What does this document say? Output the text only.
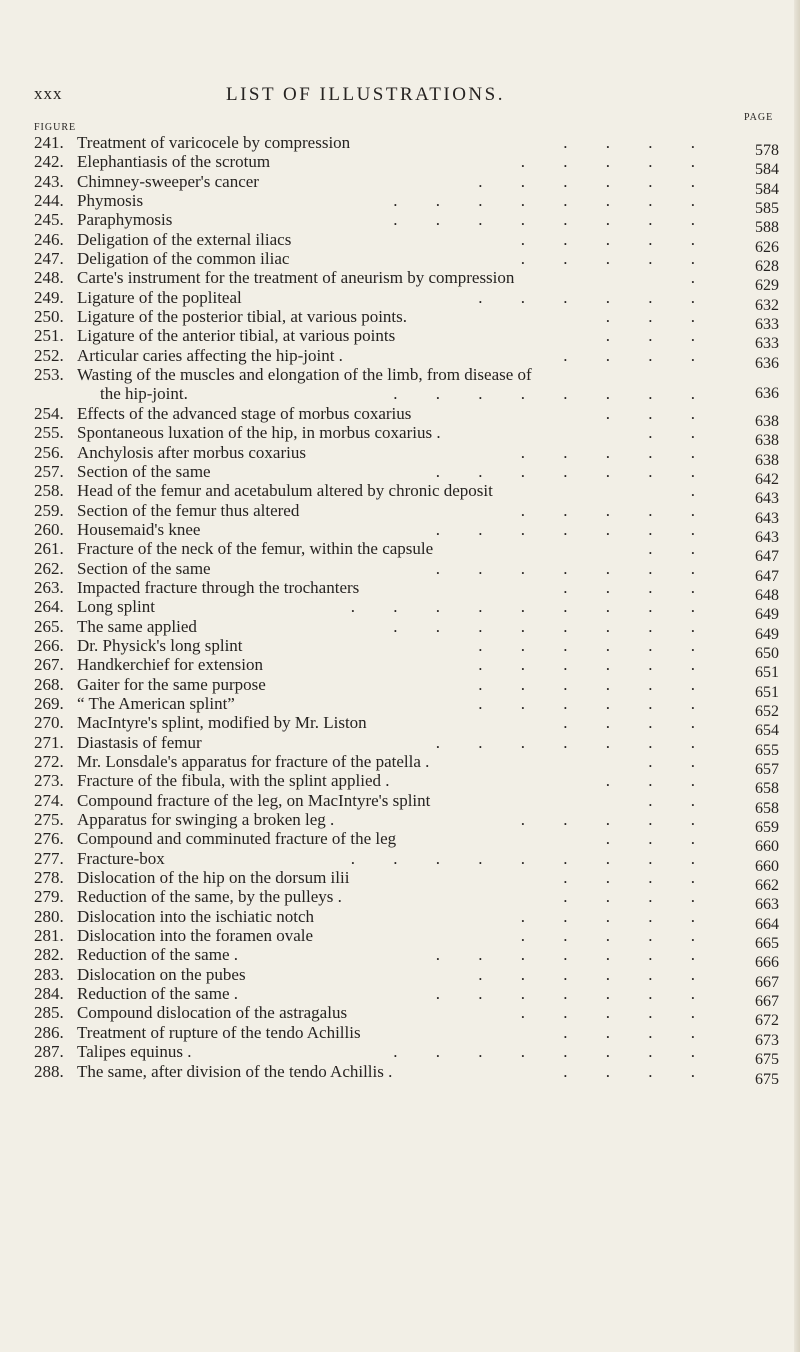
xxx	LIST OF ILLUSTRATIONS.
PAGE
FIGURE
241. Treatment of varicocele by compression	. . . .	578
242. Elephantiasis of the scrotum	. . . . .	584
243. Chimney-sweeper's cancer	. . . . . .	584
244. Phymosis	. . . . . . . .	585
245. Paraphymosis	. . . . . . . .	588
246. Deligation of the external iliacs	. . . . .	626
247. Deligation of the common iliac	. . . . .	628
248. Carte's instrument for the treatment of aneurism by compression	.	629
249. Ligature of the popliteal	. . . . . .	632
250. Ligature of the posterior tibial, at various points.	. . .	633
251. Ligature of the anterior tibial, at various points	. . .	633
252. Articular caries affecting the hip-joint .	. . . .	636
253. Wasting of the muscles and elongation of the limb, from disease of
the hip-joint.	. . . . . . . .	636
254. Effects of the advanced stage of morbus coxarius	. . .	638
255. Spontaneous luxation of the hip, in morbus coxarius .	. .	638
256. Anchylosis after morbus coxarius	. . . . .	638
257. Section of the same	. . . . . . .	642
258. Head of the femur and acetabulum altered by chronic deposit	.	643
259. Section of the femur thus altered	. . . . .	643
260. Housemaid's knee	. . . . . . .	643
261. Fracture of the neck of the femur, within the capsule	. .	647
262. Section of the same	. . . . . . .	647
263. Impacted fracture through the trochanters	. . . .	648
264. Long splint	. . . . . . . . .	649
265. The same applied	. . . . . . . .	649
266. Dr. Physick's long splint	. . . . . .	650
267. Handkerchief for extension	. . . . . .	651
268. Gaiter for the same purpose	. . . . . .	651
269. “ The American splint”	. . . . . .	652
270. MacIntyre's splint, modified by Mr. Liston	. . . .	654
271. Diastasis of femur	. . . . . . .	655
272. Mr. Lonsdale's apparatus for fracture of the patella .	. .	657
273. Fracture of the fibula, with the splint applied .	. . .	658
274. Compound fracture of the leg, on MacIntyre's splint	. .	658
275. Apparatus for swinging a broken leg .	. . . . .	659
276. Compound and comminuted fracture of the leg	. . .	660
277. Fracture-box	. . . . . . . . .	660
278. Dislocation of the hip on the dorsum ilii	. . . .	662
279. Reduction of the same, by the pulleys .	. . . .	663
280. Dislocation into the ischiatic notch	. . . . .	664
281. Dislocation into the foramen ovale	. . . . .	665
282. Reduction of the same .	. . . . . . .	666
283. Dislocation on the pubes	. . . . . .	667
284. Reduction of the same .	. . . . . . .	667
285. Compound dislocation of the astragalus	. . . . .	672
286. Treatment of rupture of the tendo Achillis	. . . .	673
287. Talipes equinus .	. . . . . . . .	675
288. The same, after division of the tendo Achillis .	. . . .	675
